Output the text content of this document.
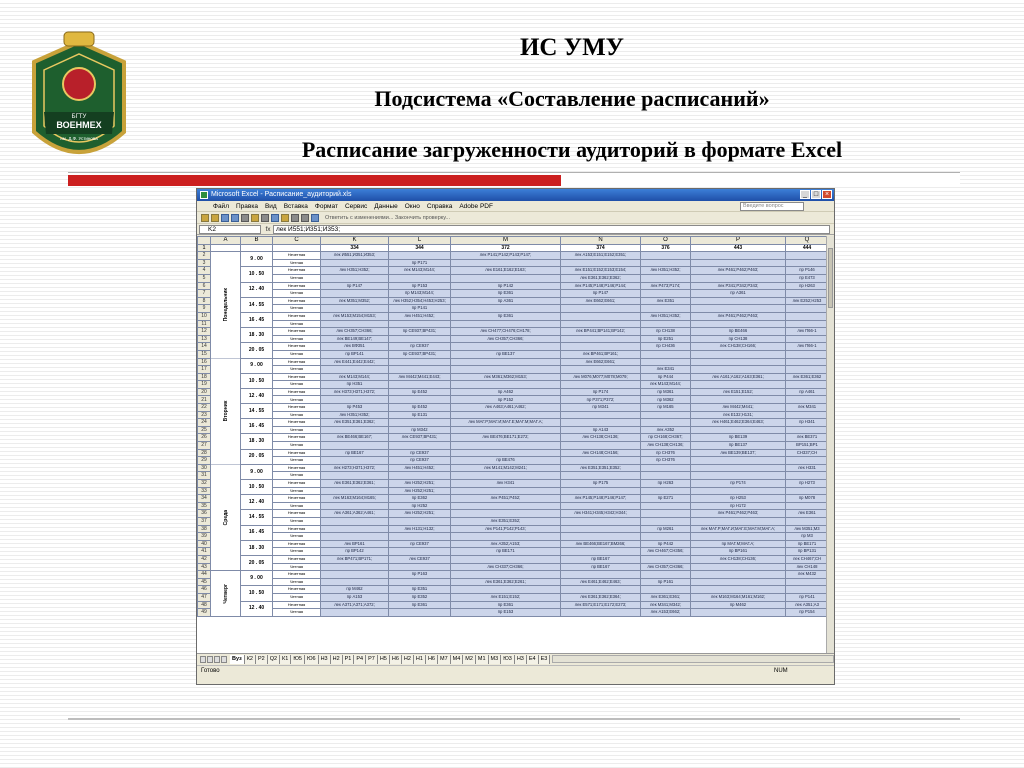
БГТУ
ВОЕНМЕХ
им. Д.Ф. Устинова
ИС УМУ
Подсистема «Составление расписаний»
Расписание загруженности аудиторий в формате Excel
Microsoft Excel - Расписание_аудиторий.xls	_ □ ×
Файл Правка Вид Вставка Формат Сервис Данные Окно Справка Adobe PDF	Введите вопрос
Ответить с изменениями... Закончить проверку...
K2	fx лек И551;И351;И353;
	A	B	C	K	L	M	N	O	P	Q
1				334	344	372	374	376	443	444
2	Понедельник	9 . 00	Нечетная	лек И551;И351;И353;		лек Р141;Р142;Р143;Р147;	лек А153;Е151;Е152;Е351;			
3			Четная		пр Р171					
4		10 . 50	Нечетная	лек Н351;Н352;	лек М143;М144;	лек Е161;Е162;Е163;	лек Е151;Е152;Е153;Е154;	лек Н351;Н352;	лек Р461;Р462;Р463;	пр Р146
5			Четная				лек Е361;Е362;Е362;			пр Е473
6		12 . 40	Нечетная	пр Р147	пр Р153	пр Р142	лек Р145;Р148;Р146;Р144;	лек Р473;Р174;	лек Р341;Р342;Р343;	пр Н263
7			Четная		пр М143;М144;	пр Е361	пр Р147		пр А361	
8		14 . 55	Нечетная	лек М351;М352;	лек Н352;Н354;Н453;Н253;	пр А361	лек Е662;Е661;	лек Е351		лек Е252;Н253
9			Четная		пр Р141					
10		16 . 45	Нечетная	лек М153;М154;М153;	лек Н451;Н452;	пр Е361		лек Н351;Н352;	лек Р461;Р462;Р463;	
11			Четная							
12		18 . 30	Нечетная	лек СН357;СН366;	пр СЕ937;ВР431;	лек СН477;СН476;СН178;	лек ВР441;ВР141;ВР142;	пр СН138	пр ВЕ466	лек П66-1
13			Четная	лек ВЕ149;ВЕ147;		лек СН357;СН366;		пр Е251	пр СН138	
14		20 . 05	Нечетная	лек ВФ351	пр СЕ937			пр СН436	лек СН138;СН166;	лек П66-1
15			Четная	пр ВР141	пр СЕ937;ВР431;	пр ВЕ137	лек ВР461;ВР161;			
16	Вторник	9 . 00	Нечетная	лек Е441;Е442;Е442;			лек Е662;Е661;			
17			Четная					лек Е341		
18		10 . 50	Нечетная	лек М143;М144;	лек М442;М441;Е443;	лек М361;М362;М153;	лек М076;М077;М078;М079;	пр Р444	лек А161;А162;А163;Е361;	лек Е361;Е362
19			Четная	пр Н351				лек М143;М144;		
20		12 . 40	Нечетная	лек Н373;Н371;Н372;	пр Е452	пр А462	пр Р174	пр М361	лек Е151;Е152;	пр А461
21			Четная			пр Р152	пр Р371;Р372;	пр М362		
22		14 . 55	Нечетная	пр Р453	пр Е452	лек А463;А461;А462;	пр М341	пр М165	лек М442;М441;	лек М341
23			Четная	лек Н351;Н352;	пр Е131				лек Е132;Н131;	
24		16 . 45	Нечетная	лек Е351;Е361;Е362;		лек МАГ.Р;МАГ.И;МАГ.Е;МАГ.М;МАГ.А;			лек Н461;Е462;Е364;Е463;	пр Н341
25			Четная		пр М342		пр А143	лек А352		
26		18 . 30	Нечетная	лек ВЕ466;ВЕ167;	лек СЕ937;ВР431;	лек ВЕ476;ВЕ171;Е272;	лек СН138;СН136;	пр СН168;СН367;	пр ВЕ139	лек ВЕ371
27			Четная					лек СН138;СН136;	пр ВЕ137	ВР151;ВР1
28		20 . 05	Нечетная	пр ВЕ167	пр СЕ937		лек СН148;СН156;	пр СН376	лек ВЕ139;ВЕ137;	СН337;СН
29			Четная		пр СЕ937	пр ВЕ476		пр СН376		
30	Среда	9 . 00	Нечетная	лек Н273;Н371;Н372;	лек Н451;Н452;	лек М141;М142;М241;	лек Е351;Е351;Е352;			лек Н331
31			Четная							
32		10 . 50	Нечетная	лек Е361;Е362;Е361;	лек Н252;Н251;	лек Н341	пр Р175	пр Н263	пр Р174	пр Н273
33			Четная		лек Н252;Н251;					
34		12 . 40	Нечетная	лек М163;М164;М165;	пр Е362	лек Р451;Р452;	лек Р145;Р148;Р146;Р147;	пр Е271	пр Н253	пр М078
35			Четная		пр Н252				пр Н172	
36		14 . 55	Нечетная	лек А361;А362;А461;	лек Н252;Н251;		лек Н341;Н345;Н342;Н344;		лек Р461;Р462;Р463;	лек Е361
37			Четная			лек Е351;Е352;				
38		16 . 45	Нечетная		лек Н131;Н132;	лек Р141;Р142;Р143;		пр М261	лек МАГ.Р;МАГ.И;МАГ.Е;МАГ.М;МАГ.А;	лек М351;М3
39			Четная							пр М3
40		18 . 30	Нечетная	лек ВР161	пр СЕ937	лек А352;А153;	лек ВЕ466;ВЕ167;ВМ266;	пр Р442	пр МАГ.М;МАГ.А;	пр ВЕ171
41			Четная	пр ВР142		пр ВЕ171		лек СН467;СН356;	пр ВР161	пр ВР131
42		20 . 05	Нечетная	лек ВР471;ВР171;	лек СЕ937		пр ВЕ167		лек СН138;СН136;	лек СН467;СН
43			Четная			лек СН337;СН366;	пр ВЕ167	лек СН357;СН366;		лек СН148
44	Четверг	9 . 00	Нечетная		пр Р163					лек М432
45			Четная			лек Е361;Е362;Е261;	лек Е461;Е462;Е463;	пр Р161		
46		10 . 50	Нечетная	пр М462	пр Е351					
47			Четная	пр А153	пр Е352	лек Е151;Е152;	лек Е361;Е362;Е364;	лек Е361;Е361;	лек М163;М164;М161;М162;	пр Р141
48		12 . 40	Нечетная	лек А371;А371;А372;	пр Е361	пр Е361	лек Е571;Е171;Е172;Е273;	лек М341;М342;	пр М462	лек А351;А3
49			Четная			пр Е153		лек А153;Е662;		пр Р154
Вуз К2 Р2 Q2 К1 Ю5 Ю6 Н3 Н2 Р1 Р4 Р7 Н5 Н6 Н2 Н1 Н6 М7 М4 М2 М1 М3 Ю3 Н3 Е4 Е3
Готово	NUM
